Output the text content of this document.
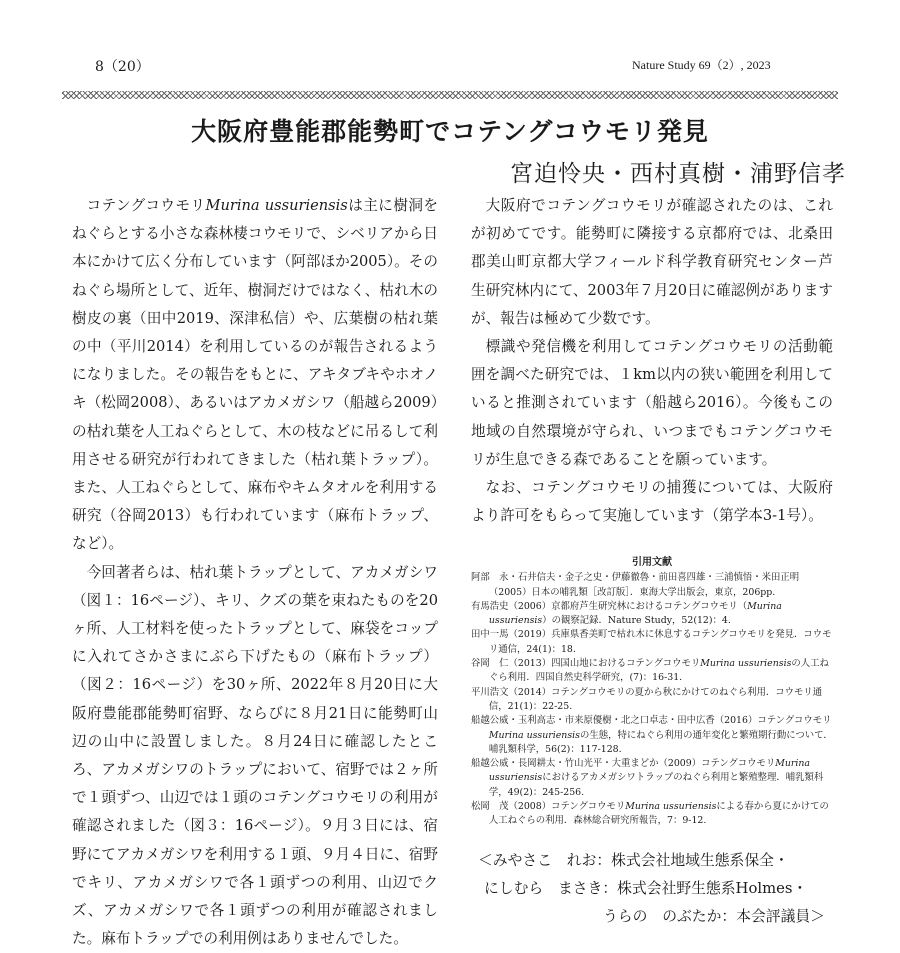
8（20）	Nature Study 69（2）, 2023
大阪府豊能郡能勢町でコテングコウモリ発見
宮迫怜央・西村真樹・浦野信孝

コテングコウモリMurina ussuriensisは主に樹洞をねぐらとする小さな森林棲コウモリで、シベリアから日本にかけて広く分布しています（阿部ほか2005）。そのねぐら場所として、近年、樹洞だけではなく、枯れ木の樹皮の裏（田中2019、深津私信）や、広葉樹の枯れ葉の中（平川2014）を利用しているのが報告されるようになりました。その報告をもとに、アキタブキやホオノキ（松岡2008）、あるいはアカメガシワ（船越ら2009）の枯れ葉を人工ねぐらとして、木の枝などに吊るして利用させる研究が行われてきました（枯れ葉トラップ）。また、人工ねぐらとして、麻布やキムタオルを利用する研究（谷岡2013）も行われています（麻布トラップ、など）。

今回著者らは、枯れ葉トラップとして、アカメガシワ（図１：16ページ）、キリ、クズの葉を束ねたものを20ヶ所、人工材料を使ったトラップとして、麻袋をコップに入れてさかさまにぶら下げたもの（麻布トラップ）（図２：16ページ）を30ヶ所、2022年８月20日に大阪府豊能郡能勢町宿野、ならびに８月21日に能勢町山辺の山中に設置しました。８月24日に確認したところ、アカメガシワのトラップにおいて、宿野では２ヶ所で１頭ずつ、山辺では１頭のコテングコウモリの利用が確認されました（図３：16ページ）。９月３日には、宿野にてアカメガシワを利用する１頭、９月４日に、宿野でキリ、アカメガシワで各１頭ずつの利用、山辺でクズ、アカメガシワで各１頭ずつの利用が確認されました。麻布トラップでの利用例はありませんでした。

大阪府でコテングコウモリが確認されたのは、これが初めてです。能勢町に隣接する京都府では、北桑田郡美山町京都大学フィールド科学教育研究センター芦生研究林内にて、2003年７月20日に確認例がありますが、報告は極めて少数です。

標識や発信機を利用してコテングコウモリの活動範囲を調べた研究では、１km以内の狭い範囲を利用していると推測されています（船越ら2016）。今後もこの地域の自然環境が守られ、いつまでもコテングコウモリが生息できる森であることを願っています。

なお、コテングコウモリの捕獲については、大阪府より許可をもらって実施しています（第学本3-1号）。

引用文献
阿部　永・石井信夫・金子之史・伊藤徹魯・前田喜四雄・三浦慎悟・米田正明（2005）日本の哺乳類［改訂版］．東海大学出版会，東京，206pp.
有馬浩史（2006）京都府芦生研究林におけるコテングコウモリ（Murina ussuriensis）の観察記録．Nature Study，52(12)：4.
田中一馬（2019）兵庫県香美町で枯れ木に休息するコテングコウモリを発見．コウモリ通信，24(1)：18.
谷岡　仁（2013）四国山地におけるコテングコウモリMurina ussuriensisの人工ねぐら利用．四国自然史科学研究，(7)：16-31.
平川浩文（2014）コテングコウモリの夏から秋にかけてのねぐら利用．コウモリ通信，21(1)：22-25.
船越公威・玉利高志・市来原優樹・北之口卓志・田中広香（2016）コテングコウモリMurina ussuriensisの生態，特にねぐら利用の通年変化と繁殖期行動について．哺乳類科学，56(2)：117-128.
船越公威・長岡耕太・竹山光平・大重まどか（2009）コテングコウモリMurina ussuriensisにおけるアカメガシワトラップのねぐら利用と繁殖整理．哺乳類科学，49(2)：245-256.
松岡　茂（2008）コテングコウモリMurina ussuriensisによる春から夏にかけての人工ねぐらの利用．森林総合研究所報告，7：9-12.
＜みやさこ　れお：株式会社地域生態系保全・
にしむら　まさき：株式会社野生態系Holmes・
うらの　のぶたか：本会評議員＞
